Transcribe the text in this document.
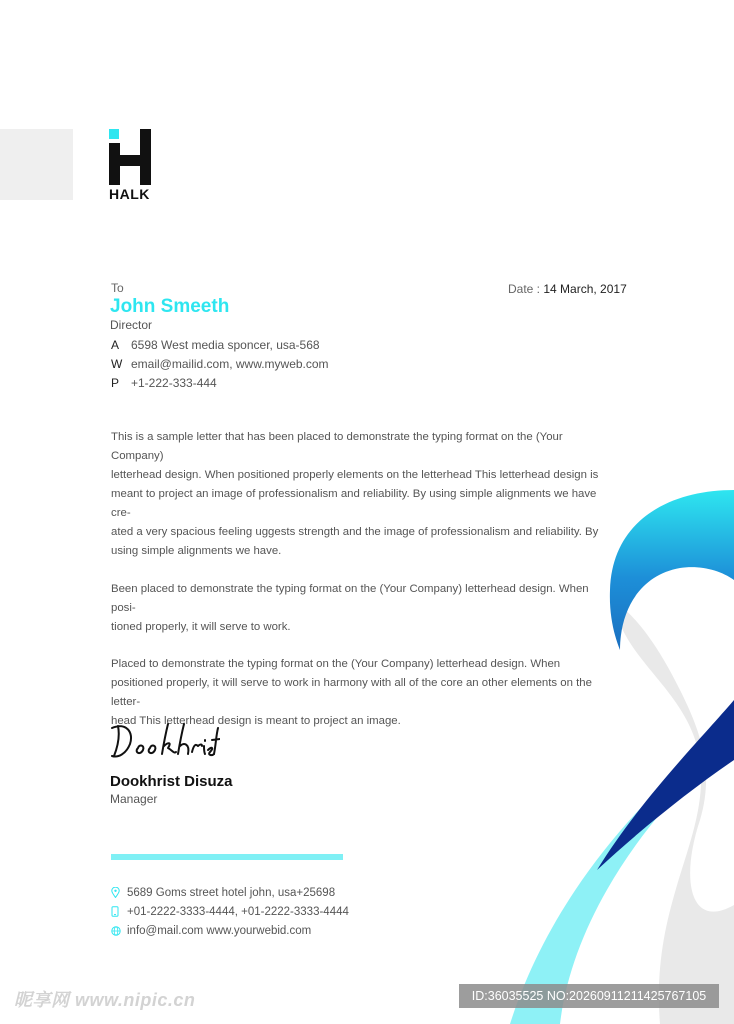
HALK
To
John Smeeth
Director
Date : 14 March, 2017
A 6598 West media sponcer, usa-568
W email@mailid.com, www.myweb.com
P +1-222-333-444

This is a sample letter that has been placed to demonstrate the typing format on the (Your Company)
letterhead design. When positioned properly elements on the letterhead This letterhead design is
meant to project an image of professionalism and reliability. By using simple alignments we have cre-
ated a very spacious feeling uggests strength and the image of professionalism and reliability. By
using simple alignments we have.

Been placed to demonstrate the typing format on the (Your Company) letterhead design. When posi-
tioned properly, it will serve to work.

Placed to demonstrate the typing format on the (Your Company) letterhead design. When
positioned properly, it will serve to work in harmony with all of the core an other elements on the letter-
head This letterhead design is meant to project an image.

Dookhrist Disuza
Manager
5689 Goms street hotel john, usa+25698
+01-2222-3333-4444, +01-2222-3333-4444
info@mail.com www.yourwebid.com
昵享网 www.nipic.cn	ID:36035525 NO:20260911211425767105
